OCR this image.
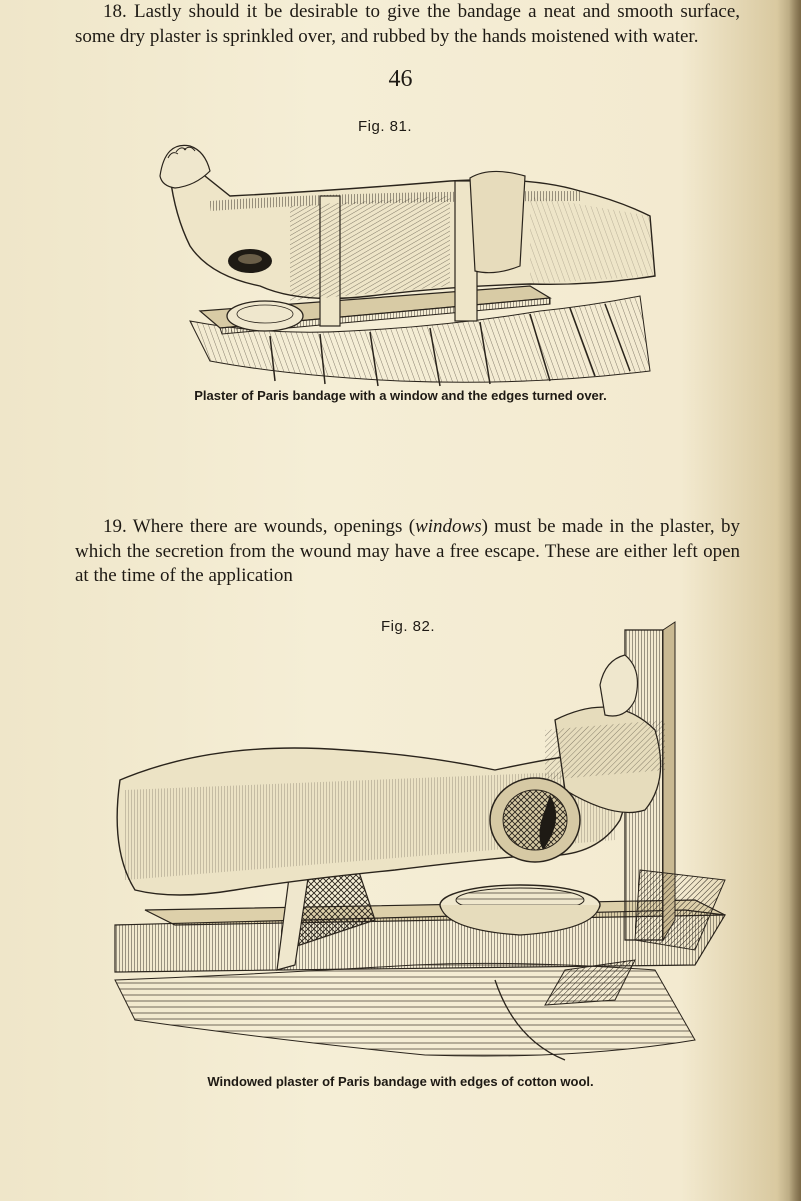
46
Fig. 81.
Plaster of Paris bandage with a window and the edges turned over.

18. Lastly should it be desirable to give the bandage a neat and smooth surface, some dry plaster is sprinkled over, and rubbed by the hands moistened with water.

19. Where there are wounds, openings (windows) must be made in the plaster, by which the secretion from the wound may have a free escape. These are either left open at the time of the application

Fig. 82.
Windowed plaster of Paris bandage with edges of cotton wool.
